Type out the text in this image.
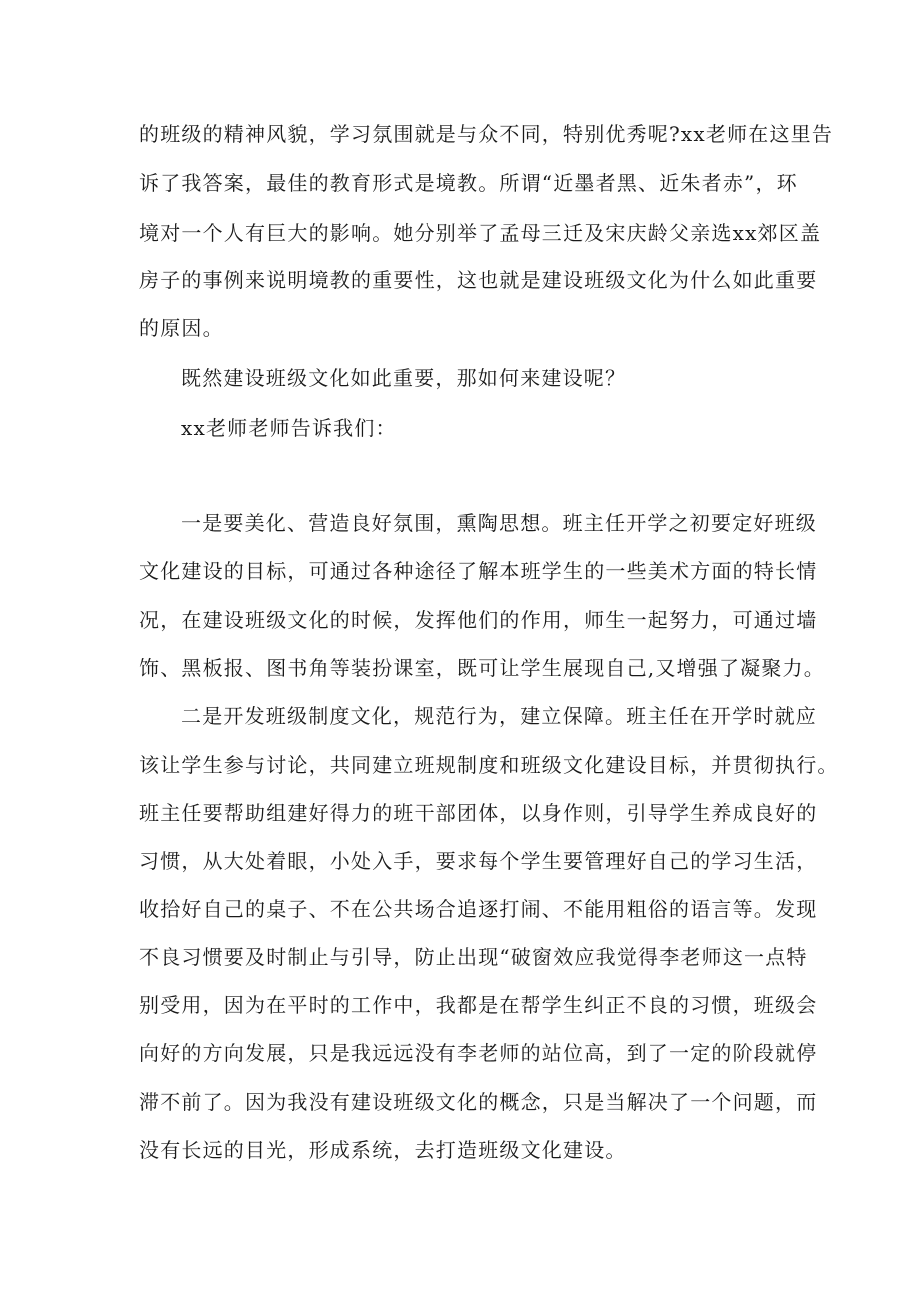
的班级的精神风貌，学习氛围就是与众不同，特别优秀呢?xx老师在这里告
诉了我答案，最佳的教育形式是境教。所谓“近墨者黑、近朱者赤”，环
境对一个人有巨大的影响。她分别举了孟母三迁及宋庆龄父亲选xx郊区盖
房子的事例来说明境教的重要性，这也就是建设班级文化为什么如此重要
的原因。
既然建设班级文化如此重要，那如何来建设呢？
xx老师老师告诉我们：
一是要美化、营造良好氛围，熏陶思想。班主任开学之初要定好班级
文化建设的目标，可通过各种途径了解本班学生的一些美术方面的特长情
况，在建设班级文化的时候，发挥他们的作用，师生一起努力，可通过墙
饰、黑板报、图书角等装扮课室，既可让学生展现自己,又增强了凝聚力。
二是开发班级制度文化，规范行为，建立保障。班主任在开学时就应
该让学生参与讨论，共同建立班规制度和班级文化建设目标，并贯彻执行。
班主任要帮助组建好得力的班干部团体，以身作则，引导学生养成良好的
习惯，从大处着眼，小处入手，要求每个学生要管理好自己的学习生活，
收拾好自己的桌子、不在公共场合追逐打闹、不能用粗俗的语言等。发现
不良习惯要及时制止与引导，防止出现“破窗效应我觉得李老师这一点特
别受用，因为在平时的工作中，我都是在帮学生纠正不良的习惯，班级会
向好的方向发展，只是我远远没有李老师的站位高，到了一定的阶段就停
滞不前了。因为我没有建设班级文化的概念，只是当解决了一个问题，而
没有长远的目光，形成系统，去打造班级文化建设。
